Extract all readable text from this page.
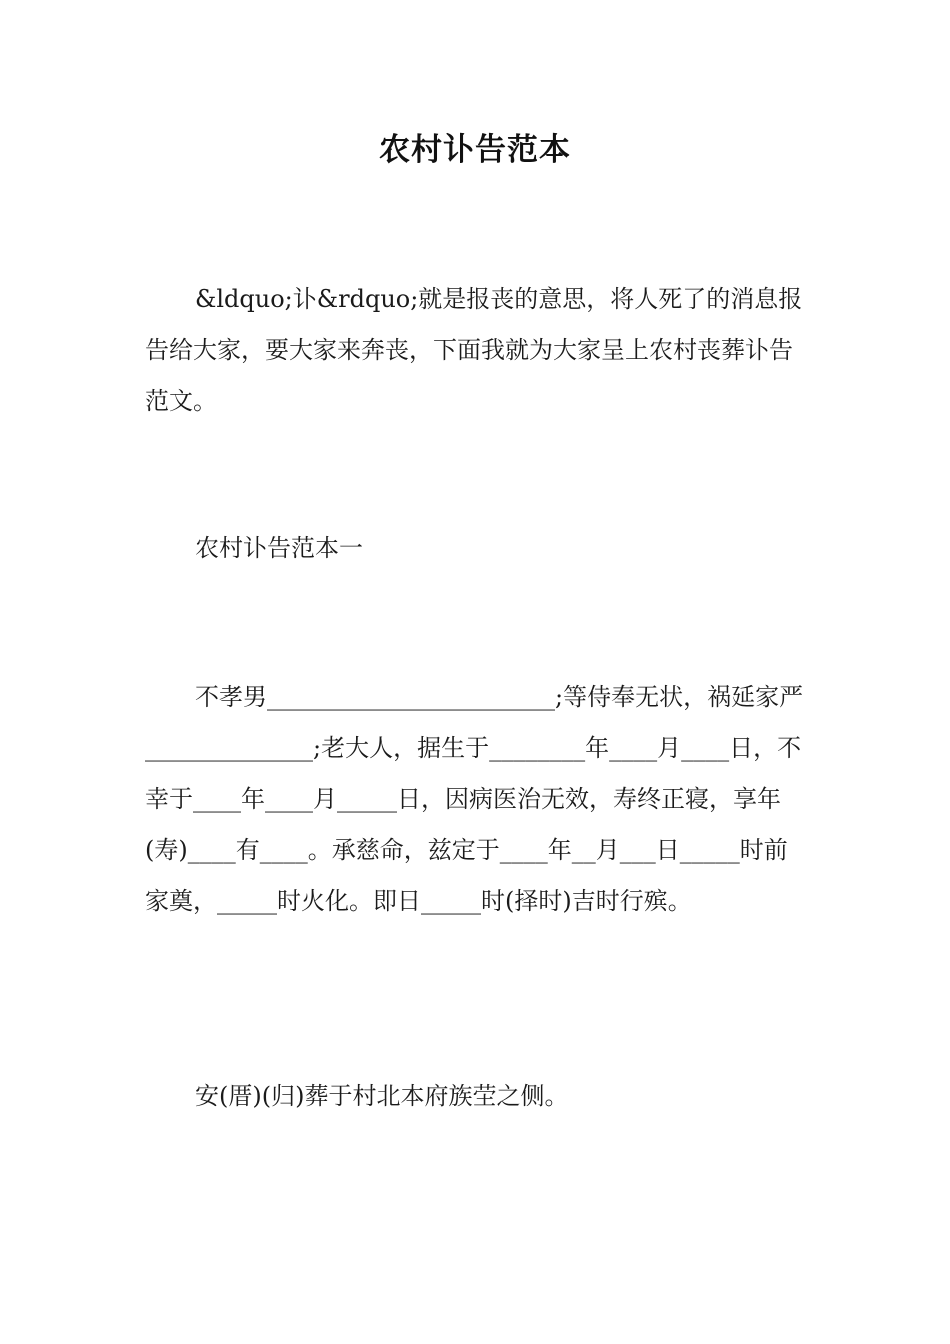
农村讣告范本

&ldquo;讣&rdquo;就是报丧的意思，将人死了的消息报告给大家，要大家来奔丧，下面我就为大家呈上农村丧葬讣告范文。

农村讣告范本一

不孝男________________________;等侍奉无状，祸延家严______________;老大人，据生于________年____月____日，不幸于____年____月_____日，因病医治无效，寿终正寝，享年(寿)____有____。承慈命，兹定于____年__月___日_____时前家奠，_____时火化。即日_____时(择时)吉时行殡。

安(厝)(归)葬于村北本府族茔之侧。
